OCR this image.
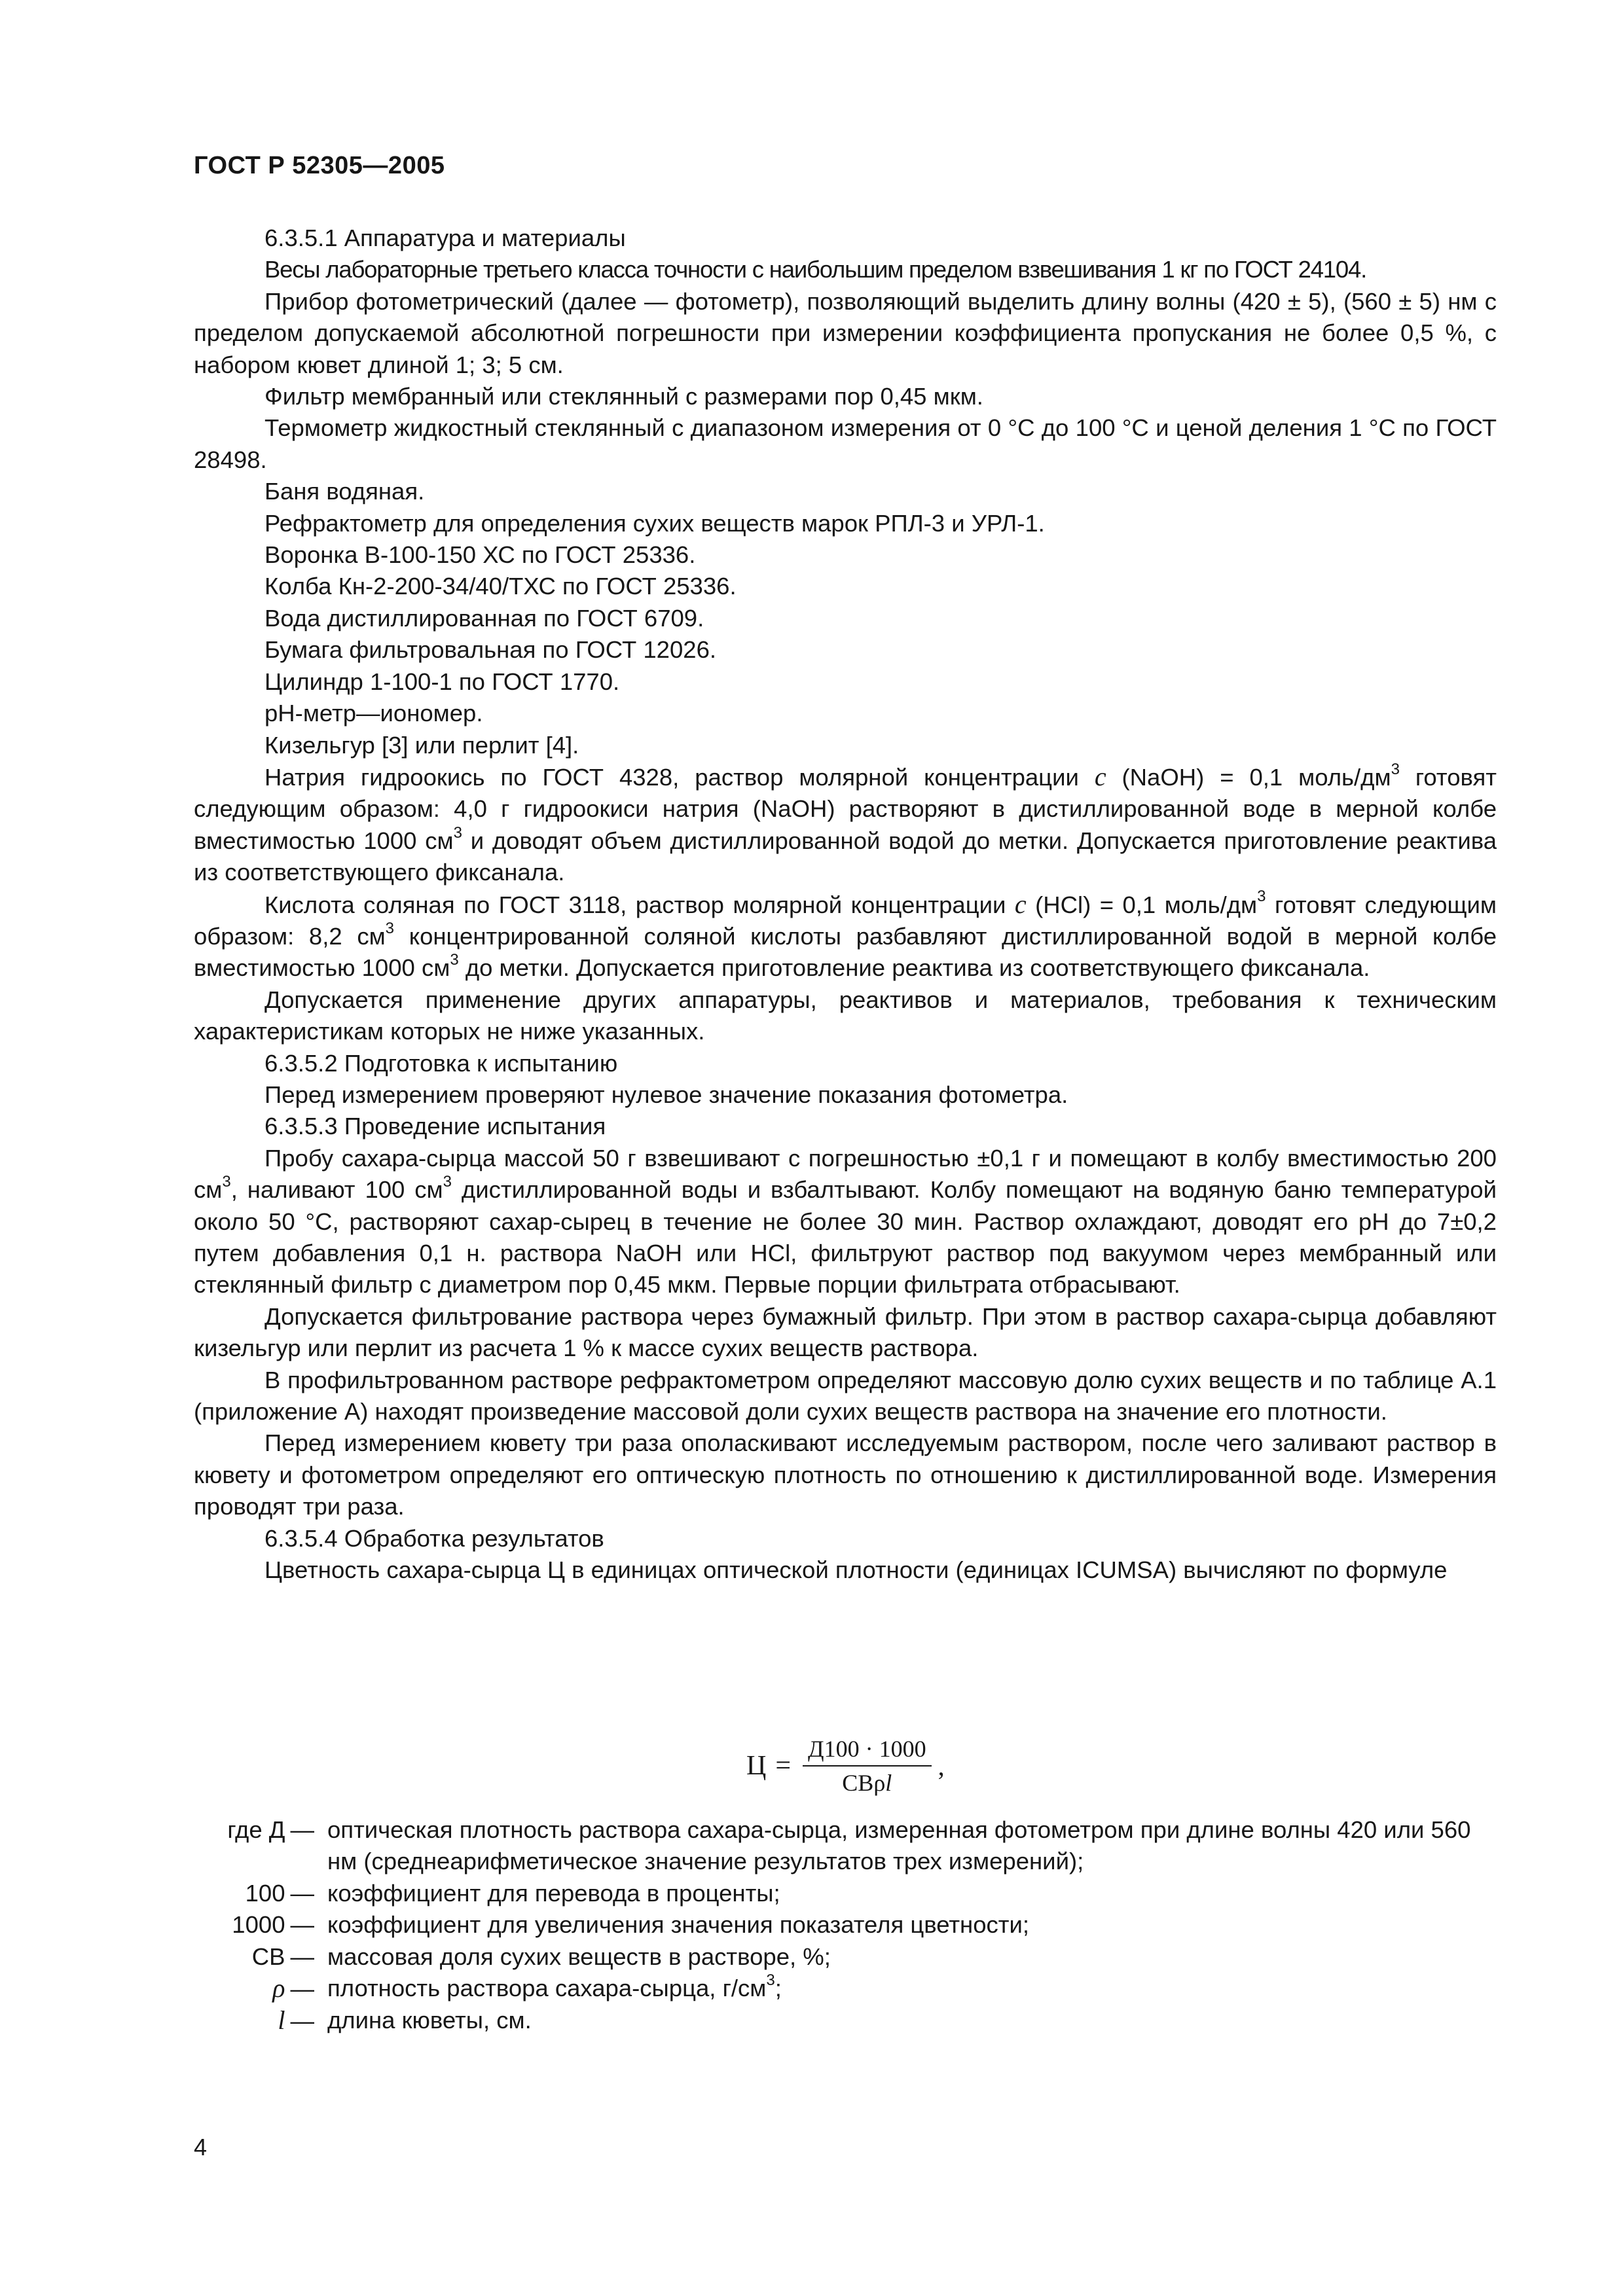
ГОСТ Р 52305—2005

6.3.5.1 Аппаратура и материалы

Весы лабораторные третьего класса точности с наибольшим пределом взвешивания 1 кг по ГОСТ 24104.

Прибор фотометрический (далее — фотометр), позволяющий выделить длину волны (420 ± 5), (560 ± 5) нм с пределом допускаемой абсолютной погрешности при измерении коэффициента пропускания не более 0,5 %, с набором кювет длиной 1; 3; 5 см.

Фильтр мембранный или стеклянный с размерами пор 0,45 мкм.

Термометр жидкостный стеклянный с диапазоном измерения от 0 °С до 100 °С и ценой деления 1 °С по ГОСТ 28498.

Баня водяная.

Рефрактометр для определения сухих веществ марок РПЛ-3 и УРЛ-1.

Воронка В-100-150 ХС по ГОСТ 25336.

Колба Кн-2-200-34/40/ТХС по ГОСТ 25336.

Вода дистиллированная по ГОСТ 6709.

Бумага фильтровальная по ГОСТ 12026.

Цилиндр 1-100-1 по ГОСТ 1770.

рН-метр—иономер.

Кизельгур [3] или перлит [4].

Натрия гидроокись по ГОСТ 4328, раствор молярной концентрации c (NaOH) = 0,1 моль/$дм^3$ готовят следующим образом: 4,0 г гидроокиси натрия (NaOH) растворяют в дистиллированной воде в мерной колбе вместимостью 1000 $см^3$ и доводят объем дистиллированной водой до метки. Допускается приготовление реактива из соответствующего фиксанала.

Кислота соляная по ГОСТ 3118, раствор молярной концентрации c (HCl) = 0,1 моль/$дм^3$ готовят следующим образом: 8,2 $см^3$ концентрированной соляной кислоты разбавляют дистиллированной водой в мерной колбе вместимостью 1000 $см^3$ до метки. Допускается приготовление реактива из соответствующего фиксанала.

Допускается применение других аппаратуры, реактивов и материалов, требования к техническим характеристикам которых не ниже указанных.

6.3.5.2 Подготовка к испытанию

Перед измерением проверяют нулевое значение показания фотометра.

6.3.5.3 Проведение испытания

Пробу сахара-сырца массой 50 г взвешивают с погрешностью ±0,1 г и помещают в колбу вместимостью 200 $см^3$, наливают 100 $см^3$ дистиллированной воды и взбалтывают. Колбу помещают на водяную баню температурой около 50 °С, растворяют сахар-сырец в течение не более 30 мин. Раствор охлаждают, доводят его рН до 7±0,2 путем добавления 0,1 н. раствора NaOH или HCl, фильтруют раствор под вакуумом через мембранный или стеклянный фильтр с диаметром пор 0,45 мкм. Первые порции фильтрата отбрасывают.

Допускается фильтрование раствора через бумажный фильтр. При этом в раствор сахара-сырца добавляют кизельгур или перлит из расчета 1 % к массе сухих веществ раствора.

В профильтрованном растворе рефрактометром определяют массовую долю сухих веществ и по таблице А.1 (приложение А) находят произведение массовой доли сухих веществ раствора на значение его плотности.

Перед измерением кювету три раза ополаскивают исследуемым раствором, после чего заливают раствор в кювету и фотометром определяют его оптическую плотность по отношению к дистиллированной воде. Измерения проводят три раза.

6.3.5.4 Обработка результатов

Цветность сахара-сырца Ц в единицах оптической плотности (единицах ICUMSA) вычисляют по формуле

$Ц = \frac{Д100 \cdot 1000}{\text{СВρl}}$ ,
где Д — оптическая плотность раствора сахара-сырца, измеренная фотометром при длине волны 420 или 560 нм (среднеарифметическое значение результатов трех измерений);
100 — коэффициент для перевода в проценты;
1000 — коэффициент для увеличения значения показателя цветности;
СВ — массовая доля сухих веществ в растворе, %;
ρ — плотность раствора сахара-сырца, $г/см^3$;
l — длина кюветы, см.
4
